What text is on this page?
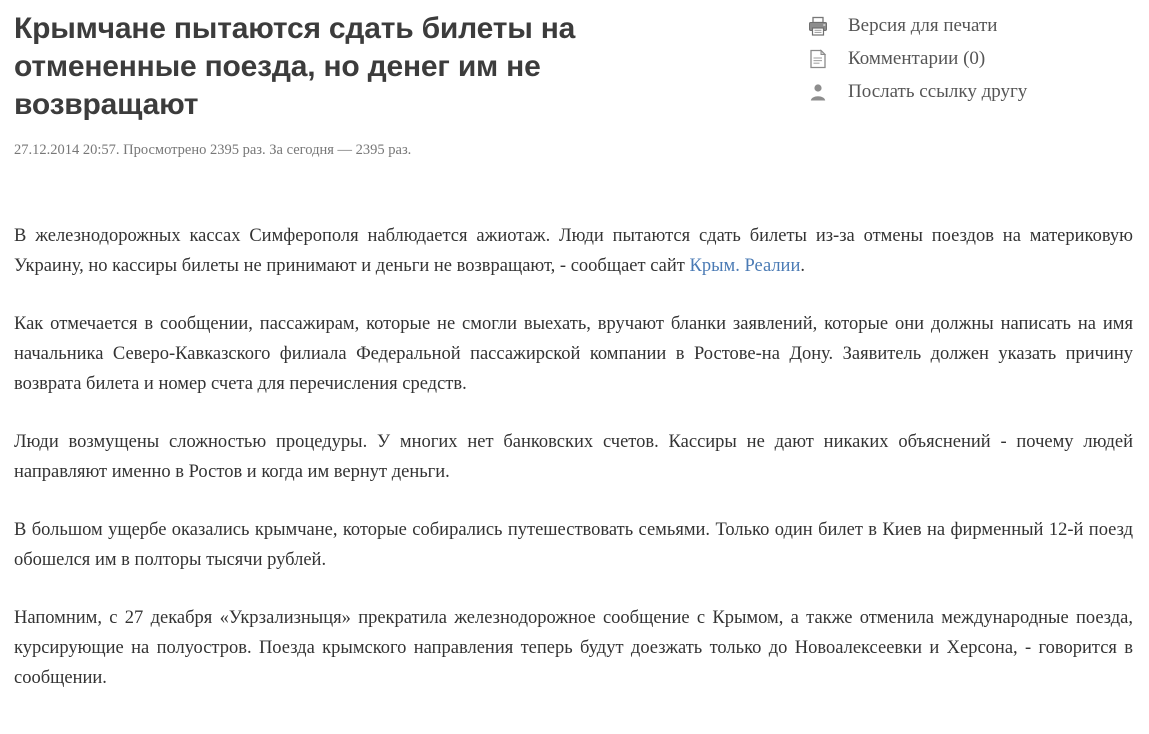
Крымчане пытаются сдать билеты на отмененные поезда, но денег им не возвращают
27.12.2014 20:57. Просмотрено 2395 раз. За сегодня — 2395 раз.
Версия для печати
Комментарии (0)
Послать ссылку другу

В железнодорожных кассах Симферополя наблюдается ажиотаж. Люди пытаются сдать билеты из-за отмены поездов на материковую Украину, но кассиры билеты не принимают и деньги не возвращают, - сообщает сайт Крым. Реалии.

Как отмечается в сообщении, пассажирам, которые не смогли выехать, вручают бланки заявлений, которые они должны написать на имя начальника Северо-Кавказского филиала Федеральной пассажирской компании в Ростове-на Дону. Заявитель должен указать причину возврата билета и номер счета для перечисления средств.

Люди возмущены сложностью процедуры. У многих нет банковских счетов. Кассиры не дают никаких объяснений - почему людей направляют именно в Ростов и когда им вернут деньги.

В большом ущербе оказались крымчане, которые собирались путешествовать семьями. Только один билет в Киев на фирменный 12-й поезд обошелся им в полторы тысячи рублей.

Напомним, с 27 декабря «Укрзализныця» прекратила железнодорожное сообщение с Крымом, а также отменила международные поезда, курсирующие на полуостров. Поезда крымского направления теперь будут доезжать только до Новоалексеевки и Херсона, - говорится в сообщении.
